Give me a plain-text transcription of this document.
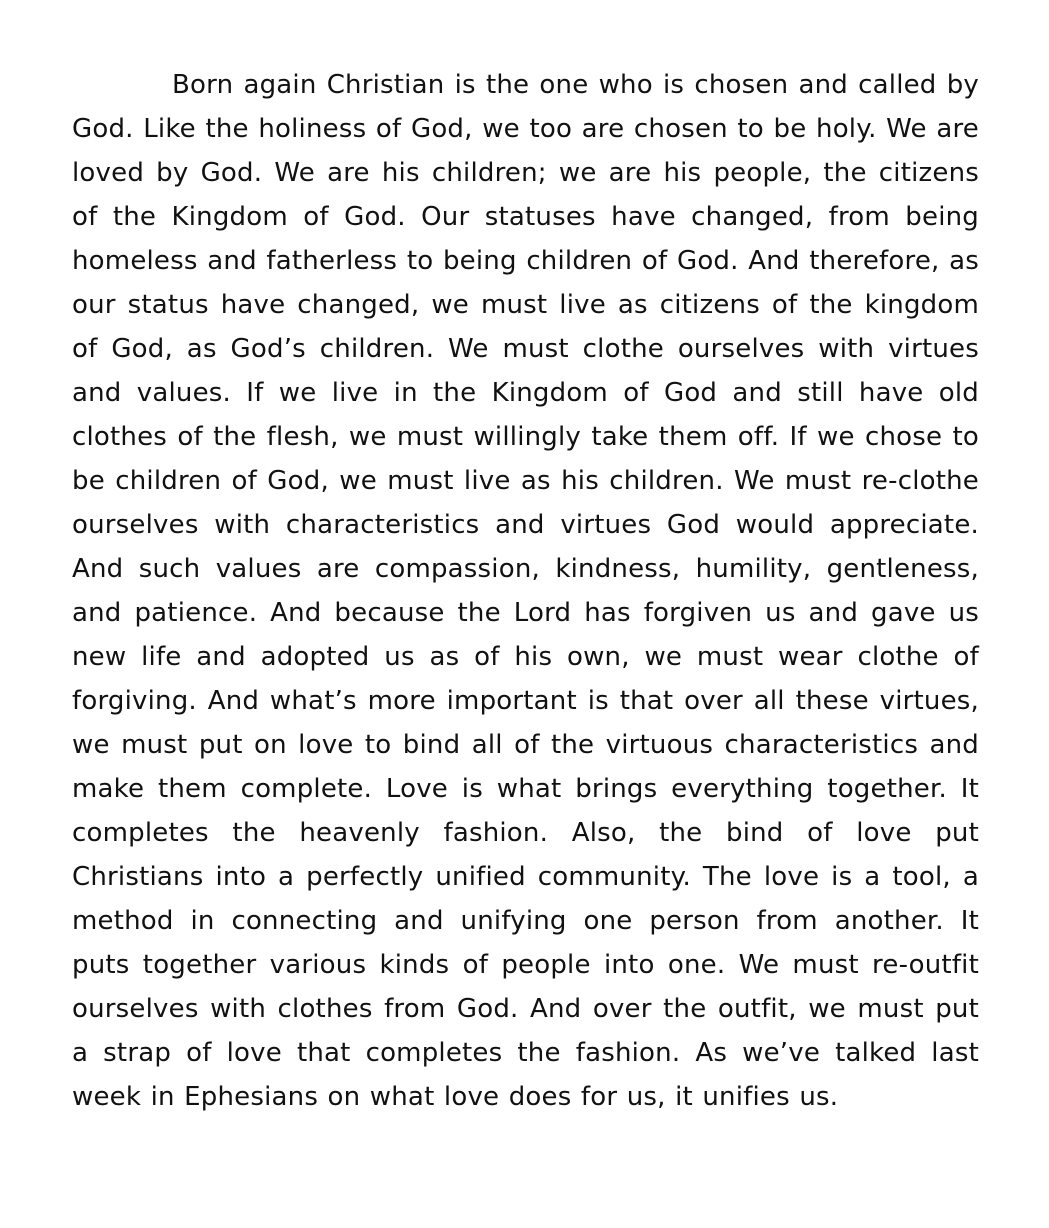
Born again Christian is the one who is chosen and called by God. Like the holiness of God, we too are chosen to be holy. We are loved by God. We are his children; we are his people, the citizens of the Kingdom of God. Our statuses have changed, from being homeless and fatherless to being children of God. And therefore, as our status have changed, we must live as citizens of the kingdom of God, as God’s children. We must clothe ourselves with virtues and values. If we live in the Kingdom of God and still have old clothes of the flesh, we must willingly take them off. If we chose to be children of God, we must live as his children. We must re-clothe ourselves with characteristics and virtues God would appreciate. And such values are compassion, kindness, humility, gentleness, and patience. And because the Lord has forgiven us and gave us new life and adopted us as of his own, we must wear clothe of forgiving. And what’s more important is that over all these virtues, we must put on love to bind all of the virtuous characteristics and make them complete. Love is what brings everything together. It completes the heavenly fashion. Also, the bind of love put Christians into a perfectly unified community. The love is a tool, a method in connecting and unifying one person from another. It puts together various kinds of people into one. We must re-outfit ourselves with clothes from God. And over the outfit, we must put a strap of love that completes the fashion. As we’ve talked last week in Ephesians on what love does for us, it unifies us.
